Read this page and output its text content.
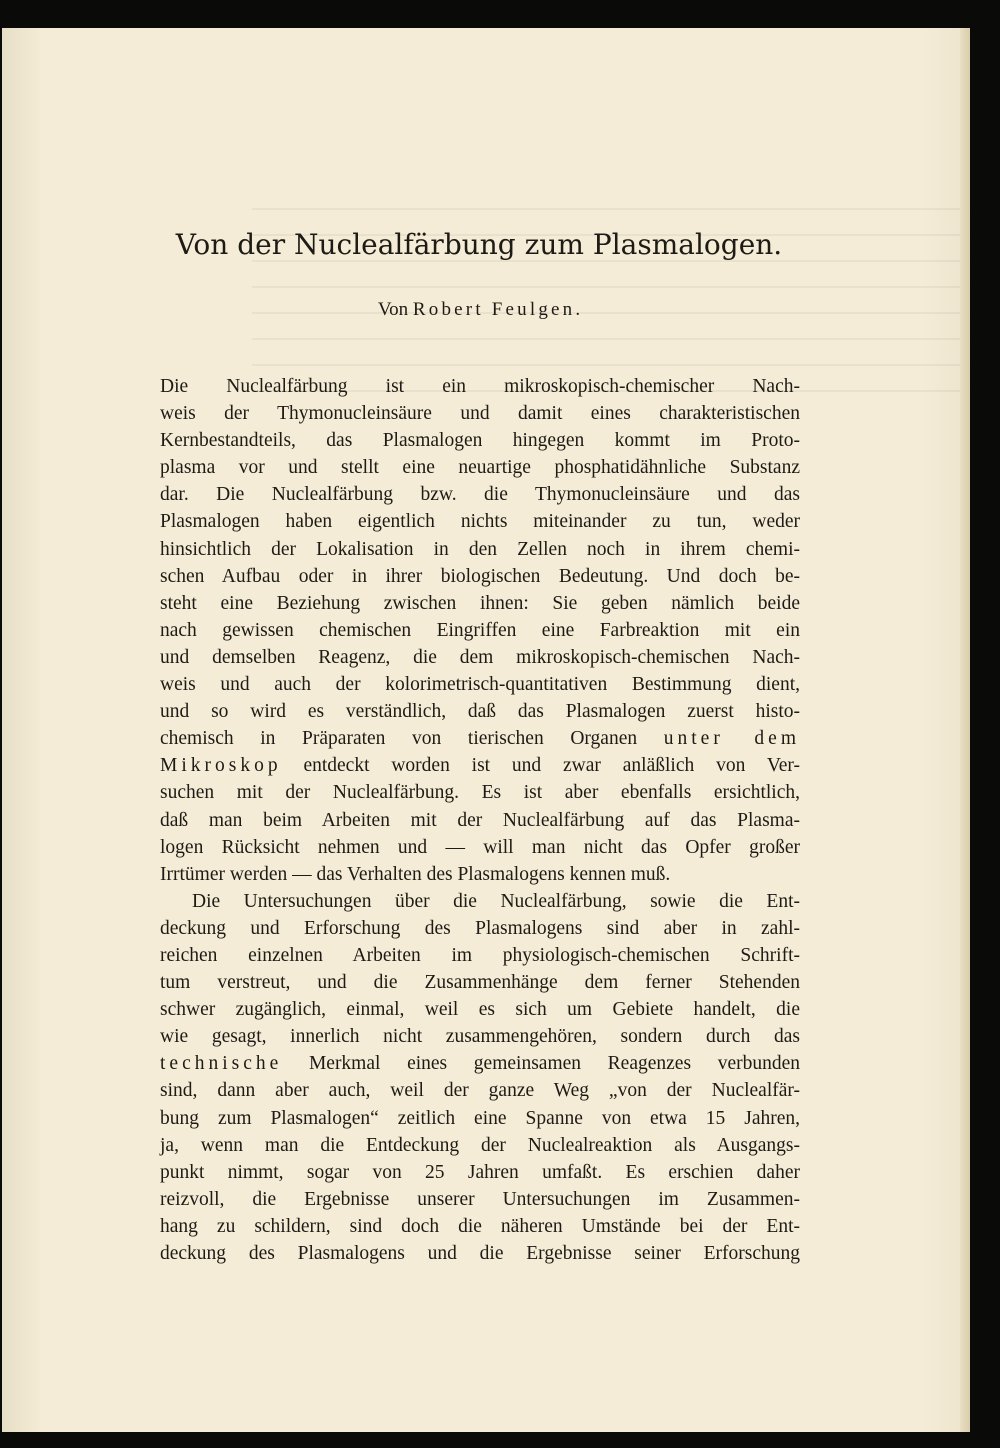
Von der Nuclealfärbung zum Plasmalogen.
Von Robert Feulgen.
Die Nuclealfärbung ist ein mikroskopisch-chemischer Nach-
weis der Thymonucleinsäure und damit eines charakteristischen
Kernbestandteils, das Plasmalogen hingegen kommt im Proto-
plasma vor und stellt eine neuartige phosphatidähnliche Substanz
dar. Die Nuclealfärbung bzw. die Thymonucleinsäure und das
Plasmalogen haben eigentlich nichts miteinander zu tun, weder
hinsichtlich der Lokalisation in den Zellen noch in ihrem chemi-
schen Aufbau oder in ihrer biologischen Bedeutung. Und doch be-
steht eine Beziehung zwischen ihnen: Sie geben nämlich beide
nach gewissen chemischen Eingriffen eine Farbreaktion mit ein
und demselben Reagenz, die dem mikroskopisch-chemischen Nach-
weis und auch der kolorimetrisch-quantitativen Bestimmung dient,
und so wird es verständlich, daß das Plasmalogen zuerst histo-
chemisch in Präparaten von tierischen Organen unter dem
Mikroskop entdeckt worden ist und zwar anläßlich von Ver-
suchen mit der Nuclealfärbung. Es ist aber ebenfalls ersichtlich,
daß man beim Arbeiten mit der Nuclealfärbung auf das Plasma-
logen Rücksicht nehmen und — will man nicht das Opfer großer
Irrtümer werden — das Verhalten des Plasmalogens kennen muß.
Die Untersuchungen über die Nuclealfärbung, sowie die Ent-
deckung und Erforschung des Plasmalogens sind aber in zahl-
reichen einzelnen Arbeiten im physiologisch-chemischen Schrift-
tum verstreut, und die Zusammenhänge dem ferner Stehenden
schwer zugänglich, einmal, weil es sich um Gebiete handelt, die
wie gesagt, innerlich nicht zusammengehören, sondern durch das
technische Merkmal eines gemeinsamen Reagenzes verbunden
sind, dann aber auch, weil der ganze Weg „von der Nuclealfär-
bung zum Plasmalogen“ zeitlich eine Spanne von etwa 15 Jahren,
ja, wenn man die Entdeckung der Nuclealreaktion als Ausgangs-
punkt nimmt, sogar von 25 Jahren umfaßt. Es erschien daher
reizvoll, die Ergebnisse unserer Untersuchungen im Zusammen-
hang zu schildern, sind doch die näheren Umstände bei der Ent-
deckung des Plasmalogens und die Ergebnisse seiner Erforschung
